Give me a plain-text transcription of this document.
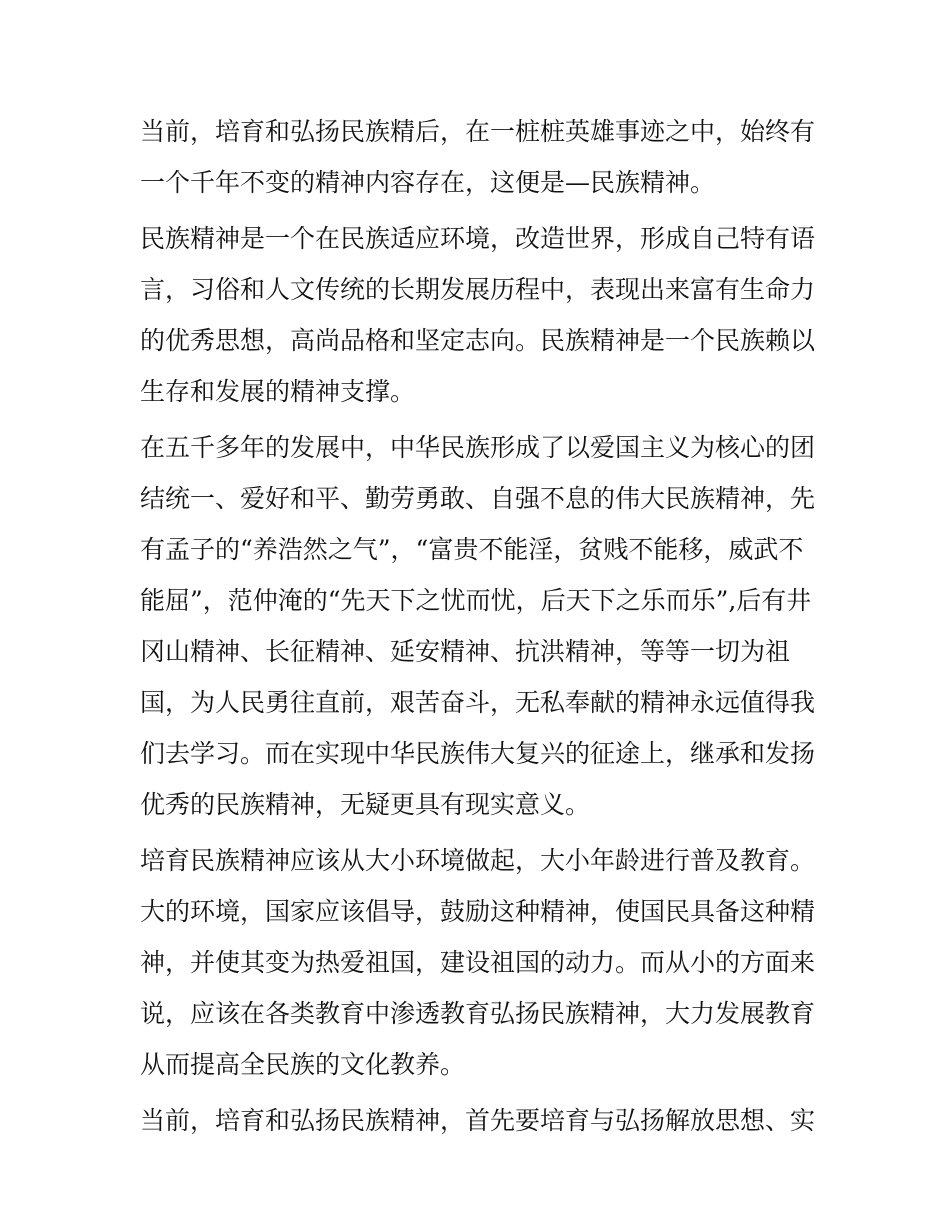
当前，培育和弘扬民族精后，在一桩桩英雄事迹之中，始终有
一个千年不变的精神内容存在，这便是—民族精神。
民族精神是一个在民族适应环境，改造世界，形成自己特有语
言，习俗和人文传统的长期发展历程中，表现出来富有生命力
的优秀思想，高尚品格和坚定志向。民族精神是一个民族赖以
生存和发展的精神支撑。
在五千多年的发展中，中华民族形成了以爱国主义为核心的团
结统一、爱好和平、勤劳勇敢、自强不息的伟大民族精神，先
有孟子的“养浩然之气”，“富贵不能淫，贫贱不能移，威武不
能屈”，范仲淹的“先天下之忧而忧，后天下之乐而乐”,后有井
冈山精神、长征精神、延安精神、抗洪精神，等等一切为祖
国，为人民勇往直前，艰苦奋斗，无私奉献的精神永远值得我
们去学习。而在实现中华民族伟大复兴的征途上，继承和发扬
优秀的民族精神，无疑更具有现实意义。
培育民族精神应该从大小环境做起，大小年龄进行普及教育。
大的环境，国家应该倡导，鼓励这种精神，使国民具备这种精
神，并使其变为热爱祖国，建设祖国的动力。而从小的方面来
说，应该在各类教育中渗透教育弘扬民族精神，大力发展教育
从而提高全民族的文化教养。
当前，培育和弘扬民族精神，首先要培育与弘扬解放思想、实
